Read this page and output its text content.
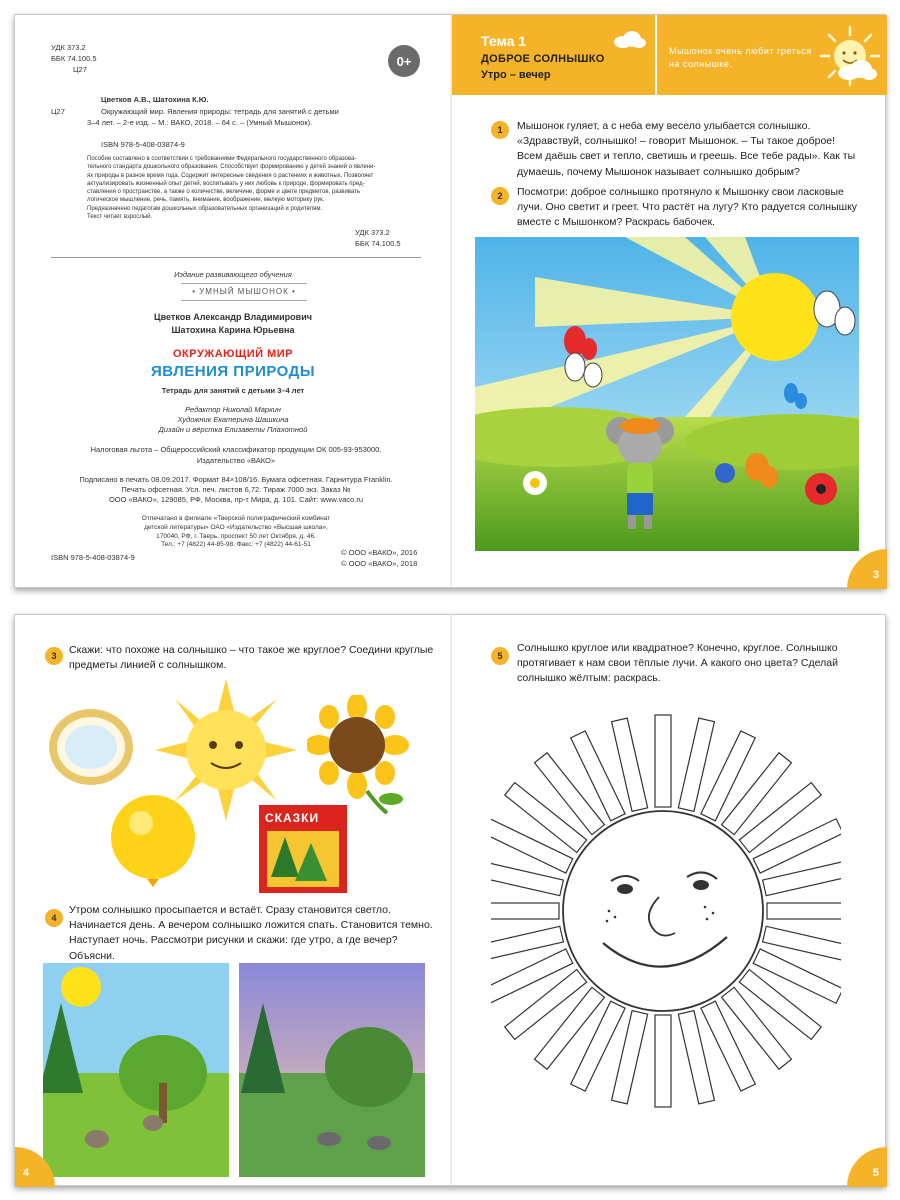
УДК 373.2
ББК 74.100.5
Ц27
0+
Цветков А.В., Шатохина К.Ю.
Ц27	Окружающий мир. Явления природы: тетрадь для занятий с детьми
3–4 лет. – 2-е изд. – М.: ВАКО, 2018. – 64 с. – (Умный Мышонок).
ISBN 978-5-408-03874-9
Пособие составлено в соответствии с требованиями Федерального государственного образова-
тельного стандарта дошкольного образования. Способствует формированию у детей знаний о явлени-
ях природы в разное время года. Содержит интересные сведения о растениях и животных. Позволяет
актуализировать жизненный опыт детей, воспитывать у них любовь к природе, формировать пред-
ставления о пространстве, а также о количестве, величине, форме и цвете предметов, развивать
логическое мышление, речь, память, внимание, воображение, мелкую моторику рук.
Предназначено педагогам дошкольных образовательных организаций и родителям.
Текст читает взрослый.
УДК 373.2
ББК 74.100.5
Издание развивающего обучения
• УМНЫЙ МЫШОНОК •
Цветков Александр Владимирович
Шатохина Карина Юрьевна
ОКРУЖАЮЩИЙ МИР
ЯВЛЕНИЯ ПРИРОДЫ
Тетрадь для занятий с детьми 3–4 лет
Редактор Николай Маркин
Художник Екатерина Шашкина
Дизайн и вёрстка Елизаветы Плахотной
Налоговая льгота – Общероссийский классификатор продукции ОК 005-93-953000.
Издательство «ВАКО»
Подписано в печать 08.09.2017. Формат 84×108/16. Бумага офсетная. Гарнитура Franklin.
Печать офсетная. Усл. печ. листов 6,72. Тираж 7000 экз. Заказ №
ООО «ВАКО», 129085, РФ, Москва, пр-т Мира, д. 101. Сайт: www.vaco.ru
Отпечатано в филиале «Тверской полиграфический комбинат
детской литературы» ОАО «Издательство «Высшая школа»,
170040, РФ, г. Тверь, проспект 50 лет Октября, д. 46.
Тел.: +7 (4822) 44-85-98. Факс: +7 (4822) 44-61-51
ISBN 978-5-408-03874-9
© ООО «ВАКО», 2016
© ООО «ВАКО», 2018
Тема 1
ДОБРОЕ СОЛНЫШКО
Утро – вечер
Мышонок очень любит греться на солнышке.
1	Мышонок гуляет, а с неба ему весело улыбается солнышко. «Здравствуй, солнышко! – говорит Мышонок. – Ты такое доброе! Всем даёшь свет и тепло, светишь и греешь. Все тебе рады». Как ты думаешь, почему Мышонок называет солнышко добрым?
2	Посмотри: доброе солнышко протянуло к Мышонку свои ласковые лучи. Оно светит и греет. Что растёт на лугу? Кто радуется солнышку вместе с Мышонком? Раскрась бабочек.
3
3	Скажи: что похоже на солнышко – что такое же круглое? Соедини круглые предметы линией с солнышком.
СКАЗКИ
4
Утром солнышко просыпается и встаёт. Сразу становится светло. Начинается день. А вечером солнышко ложится спать. Становится темно. Наступает ночь. Рассмотри рисунки и скажи: где утро, а где вечер? Объясни.
4
5
Солнышко круглое или квадратное? Конечно, круглое. Солнышко протягивает к нам свои тёплые лучи. А какого оно цвета? Сделай солнышко жёлтым: раскрась.
5
